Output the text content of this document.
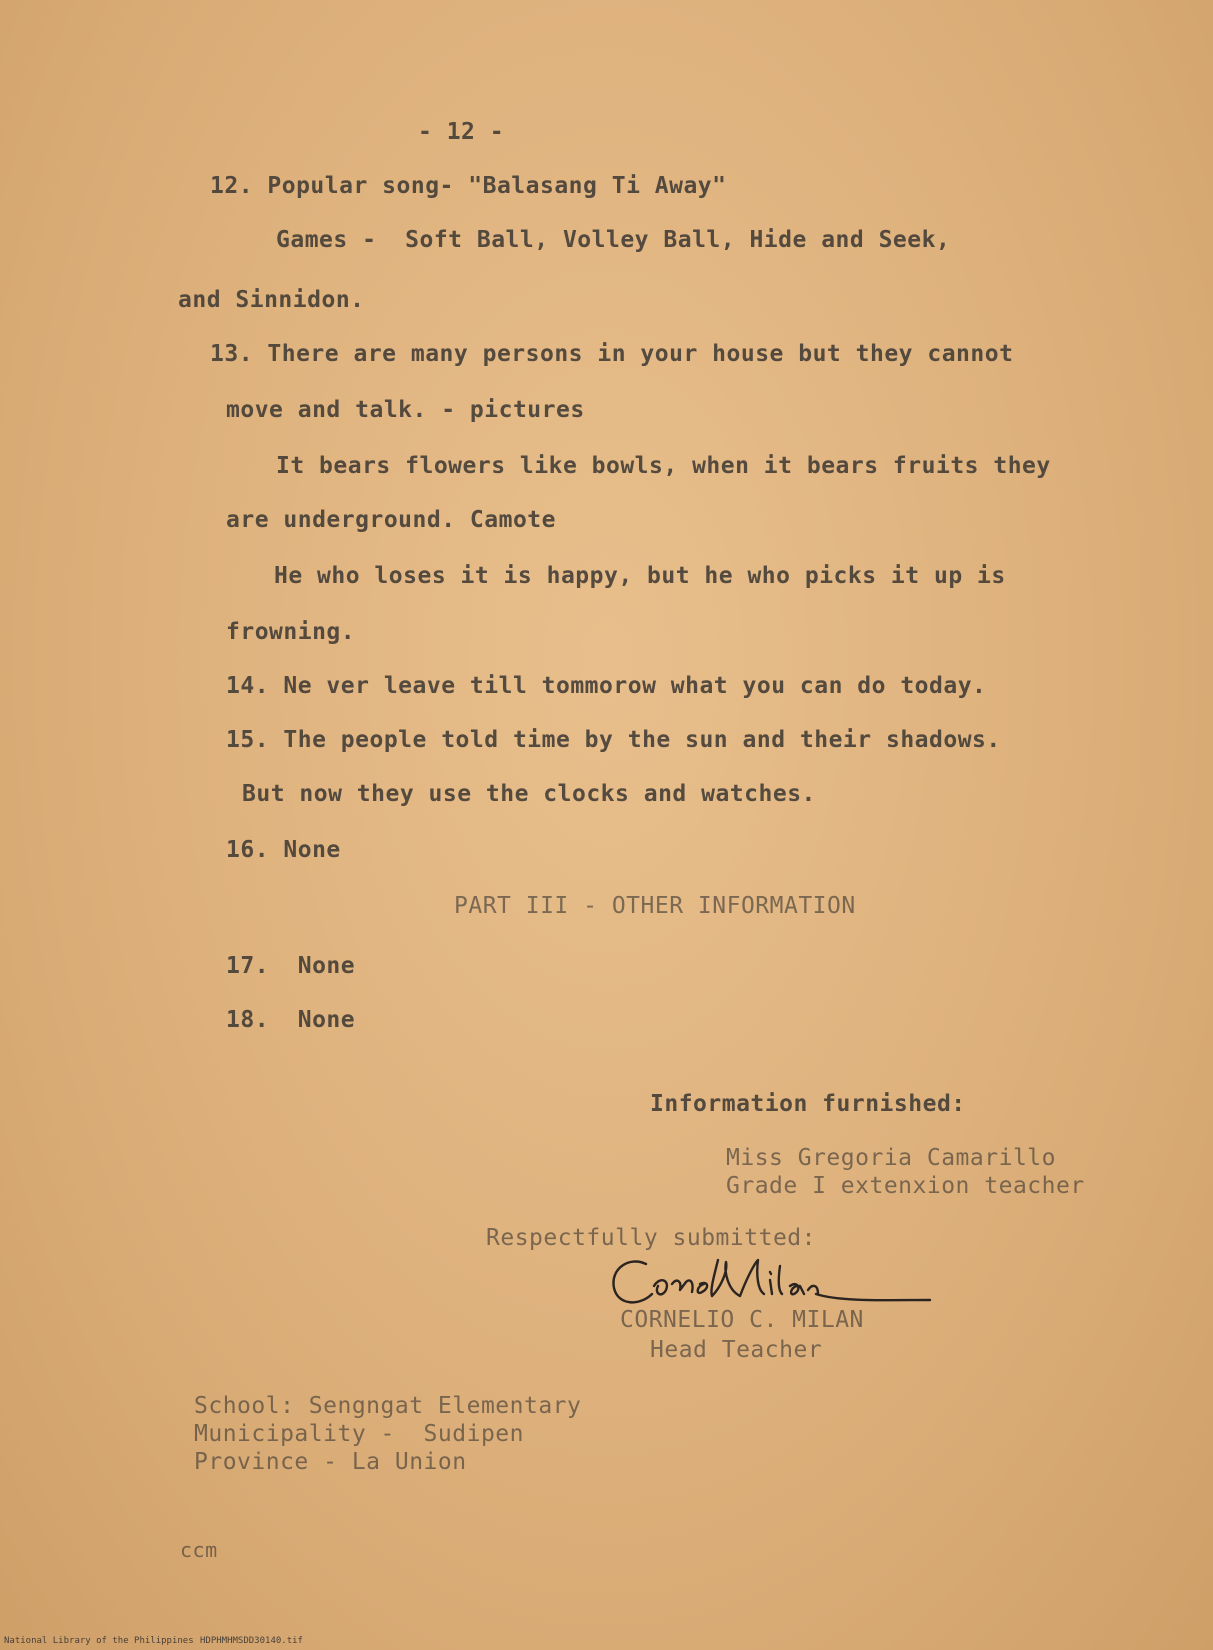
- 12 -
12. Popular song- "Balasang Ti Away"
Games -  Soft Ball, Volley Ball, Hide and Seek,
and Sinnidon.
13. There are many persons in your house but they cannot
move and talk. - pictures
It bears flowers like bowls, when it bears fruits they
are underground. Camote
He who loses it is happy, but he who picks it up is
frowning.
14. Ne ver leave till tommorow what you can do today.
15. The people told time by the sun and their shadows.
But now they use the clocks and watches.
16. None
PART III - OTHER INFORMATION
17.  None
18.  None
Information furnished:
Miss Gregoria Camarillo
Grade I extenxion teacher
Respectfully submitted:
CORNELIO C. MILAN
Head Teacher
School: Sengngat Elementary
Municipality -  Sudipen
Province - La Union
ccm
National Library of the Philippines HDPHMHMSDD30140.tif
